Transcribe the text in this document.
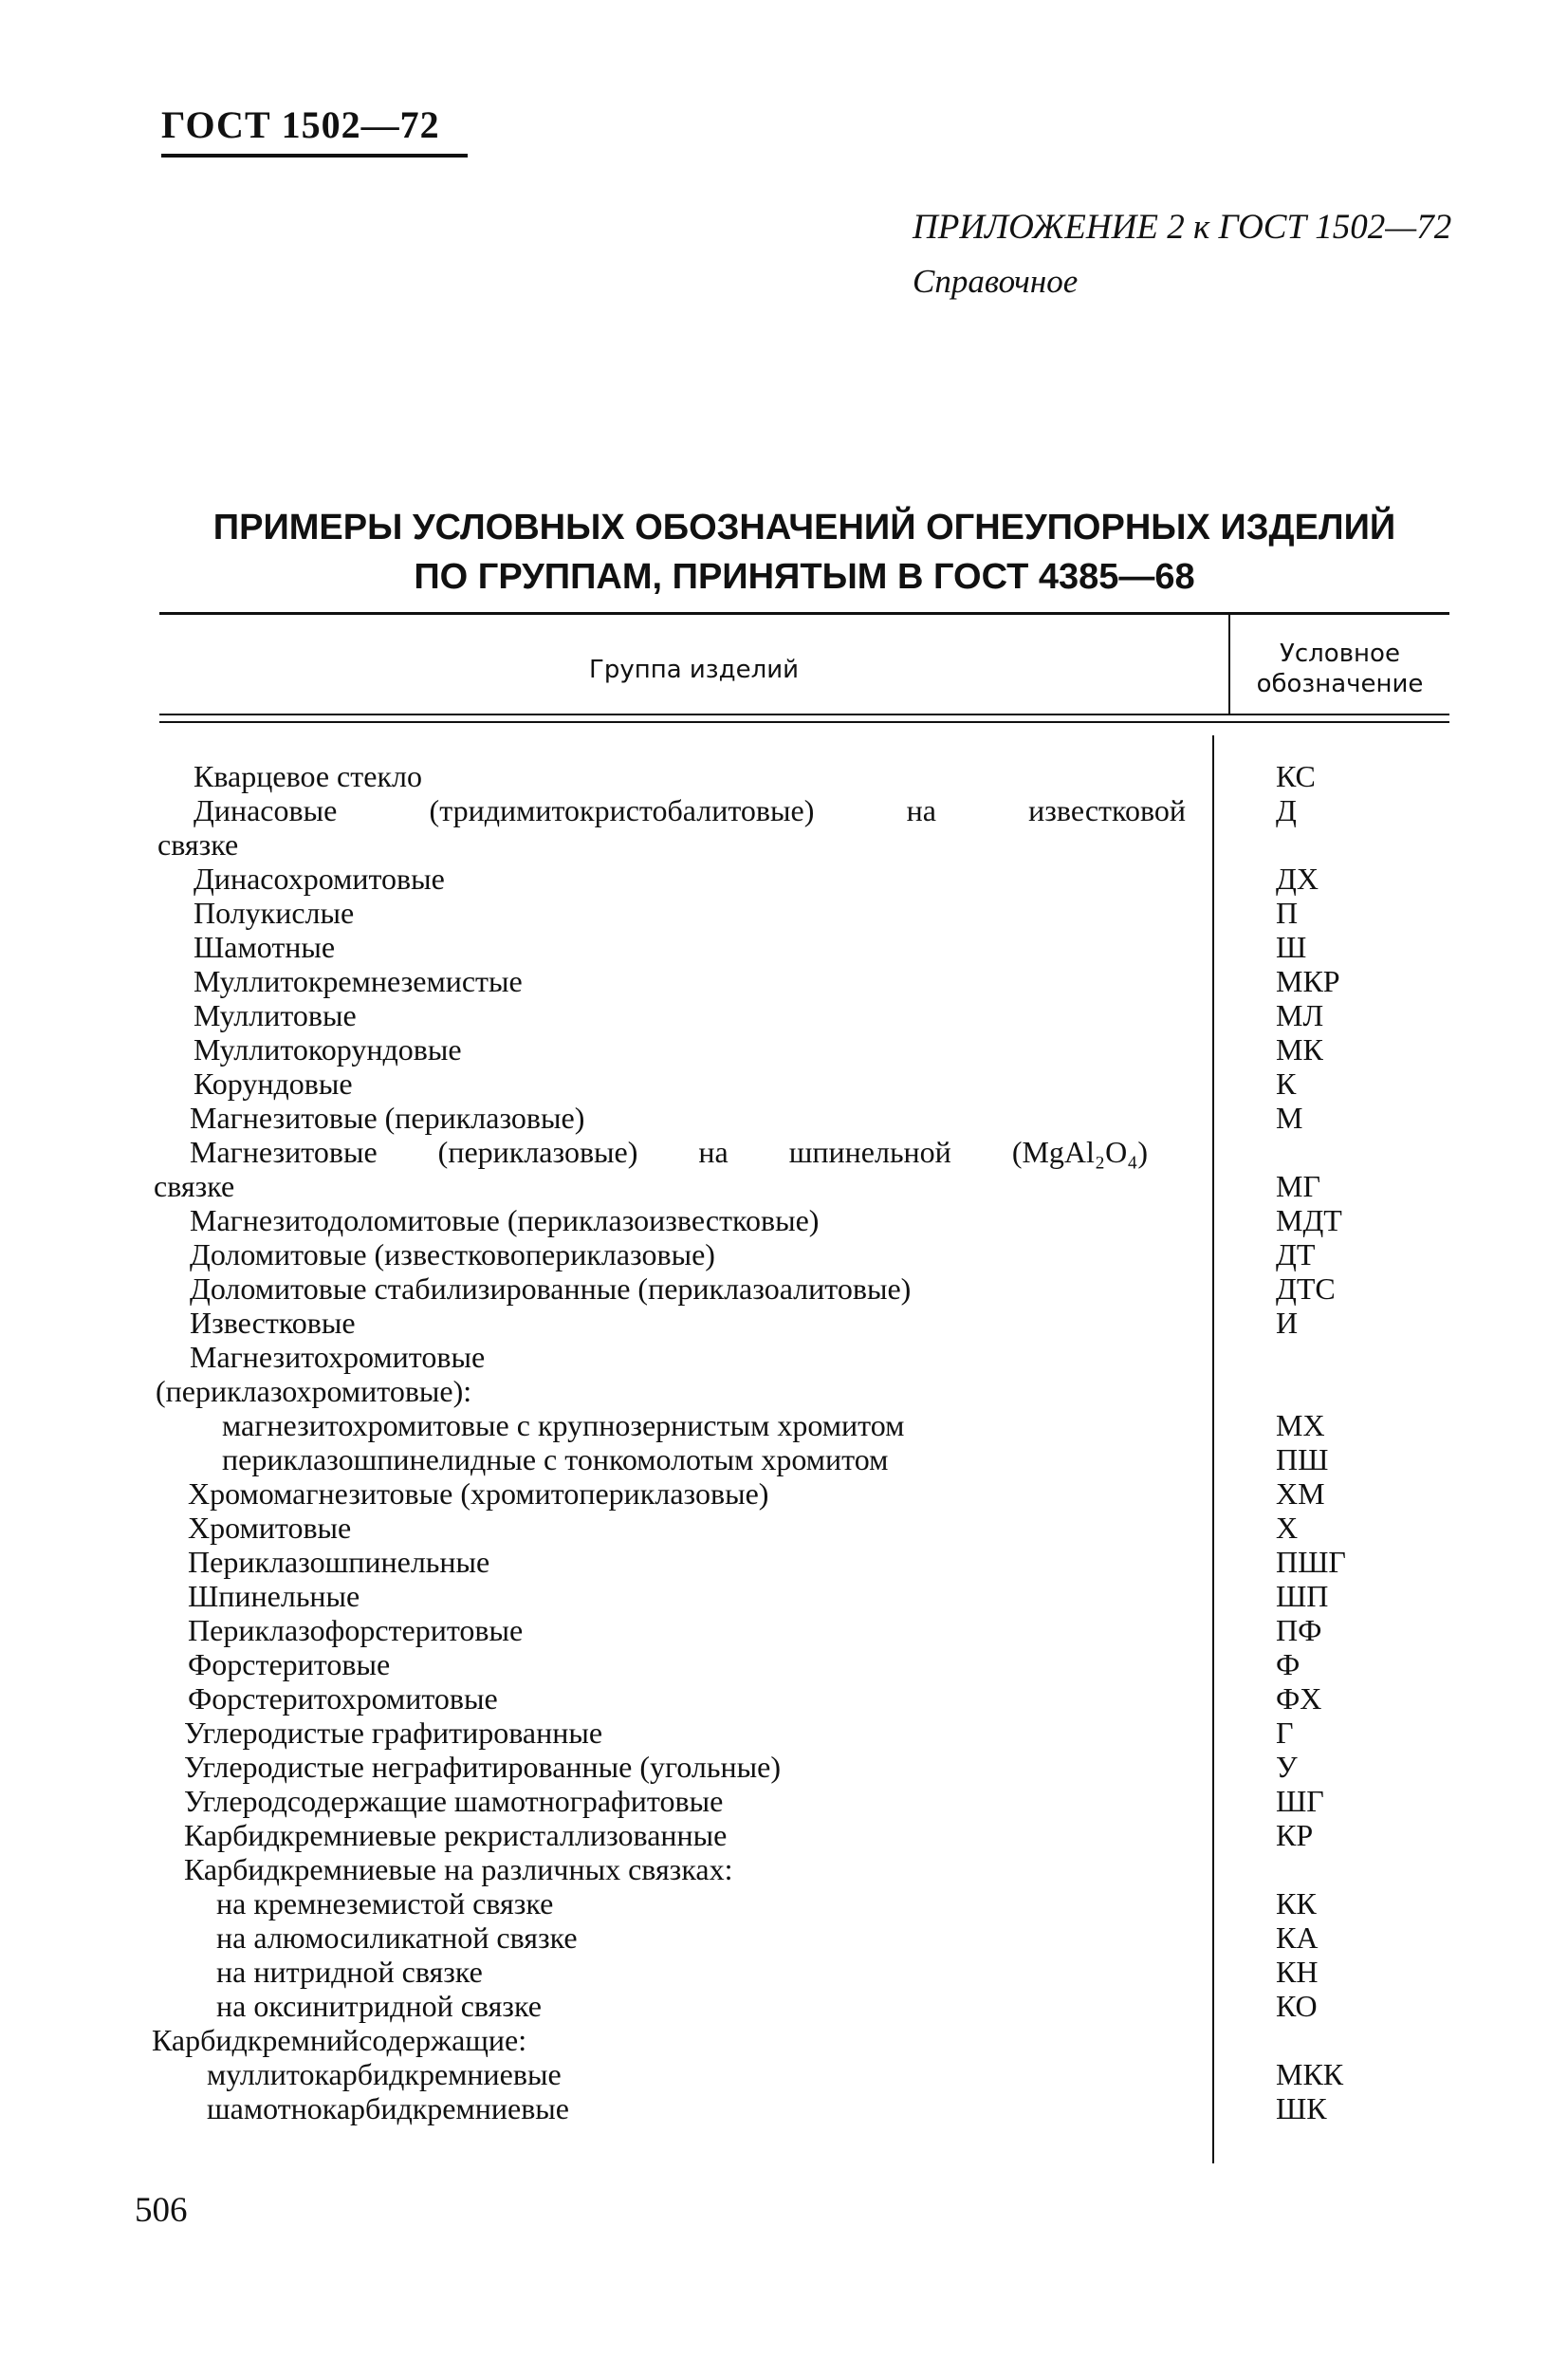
ГОСТ 1502—72
ПРИЛОЖЕНИЕ 2 к ГОСТ 1502—72
Справочное
ПРИМЕРЫ УСЛОВНЫХ ОБОЗНАЧЕНИЙ ОГНЕУПОРНЫХ ИЗДЕЛИЙ
ПО ГРУППАМ, ПРИНЯТЫМ В ГОСТ 4385—68
Группа изделий
Условное
обозначение
Кварцевое стекло	КС
Динасовые	(тридимитокристобалитовые)	на	известковой	Д
связке
Динасохромитовые	ДХ
Полукислые	П
Шамотные	Ш
Муллитокремнеземистые	МКР
Муллитовые	МЛ
Муллитокорундовые	МК
Корундовые	К
Магнезитовые (периклазовые)	М
Магнезитовые (периклазовые) на шпинельной (MgAl₂O₄)
связке	МГ
Магнезитодоломитовые (периклазоизвестковые)	МДТ
Доломитовые (известковопериклазовые)	ДТ
Доломитовые стабилизированные (периклазоалитовые)	ДТС
Известковые	И
Магнезитохромитовые
(периклазохромитовые):
магнезитохромитовые с крупнозернистым хромитом	МХ
периклазошпинелидные с тонкомолотым хромитом	ПШ
Хромомагнезитовые (хромитопериклазовые)	ХМ
Хромитовые	Х
Периклазошпинельные	ПШГ
Шпинельные	ШП
Периклазофорстеритовые	ПФ
Форстеритовые	Ф
Форстеритохромитовые	ФХ
Углеродистые графитированные	Г
Углеродистые неграфитированные (угольные)	У
Углеродсодержащие шамотнографитовые	ШГ
Карбидкремниевые рекристаллизованные	КР
Карбидкремниевые на различных связках:
на кремнеземистой связке	КК
на алюмосиликатной связке	КА
на нитридной связке	КН
на оксинитридной связке	КО
Карбидкремнийсодержащие:
муллитокарбидкремниевые	МКК
шамотнокарбидкремниевые	ШК
506
